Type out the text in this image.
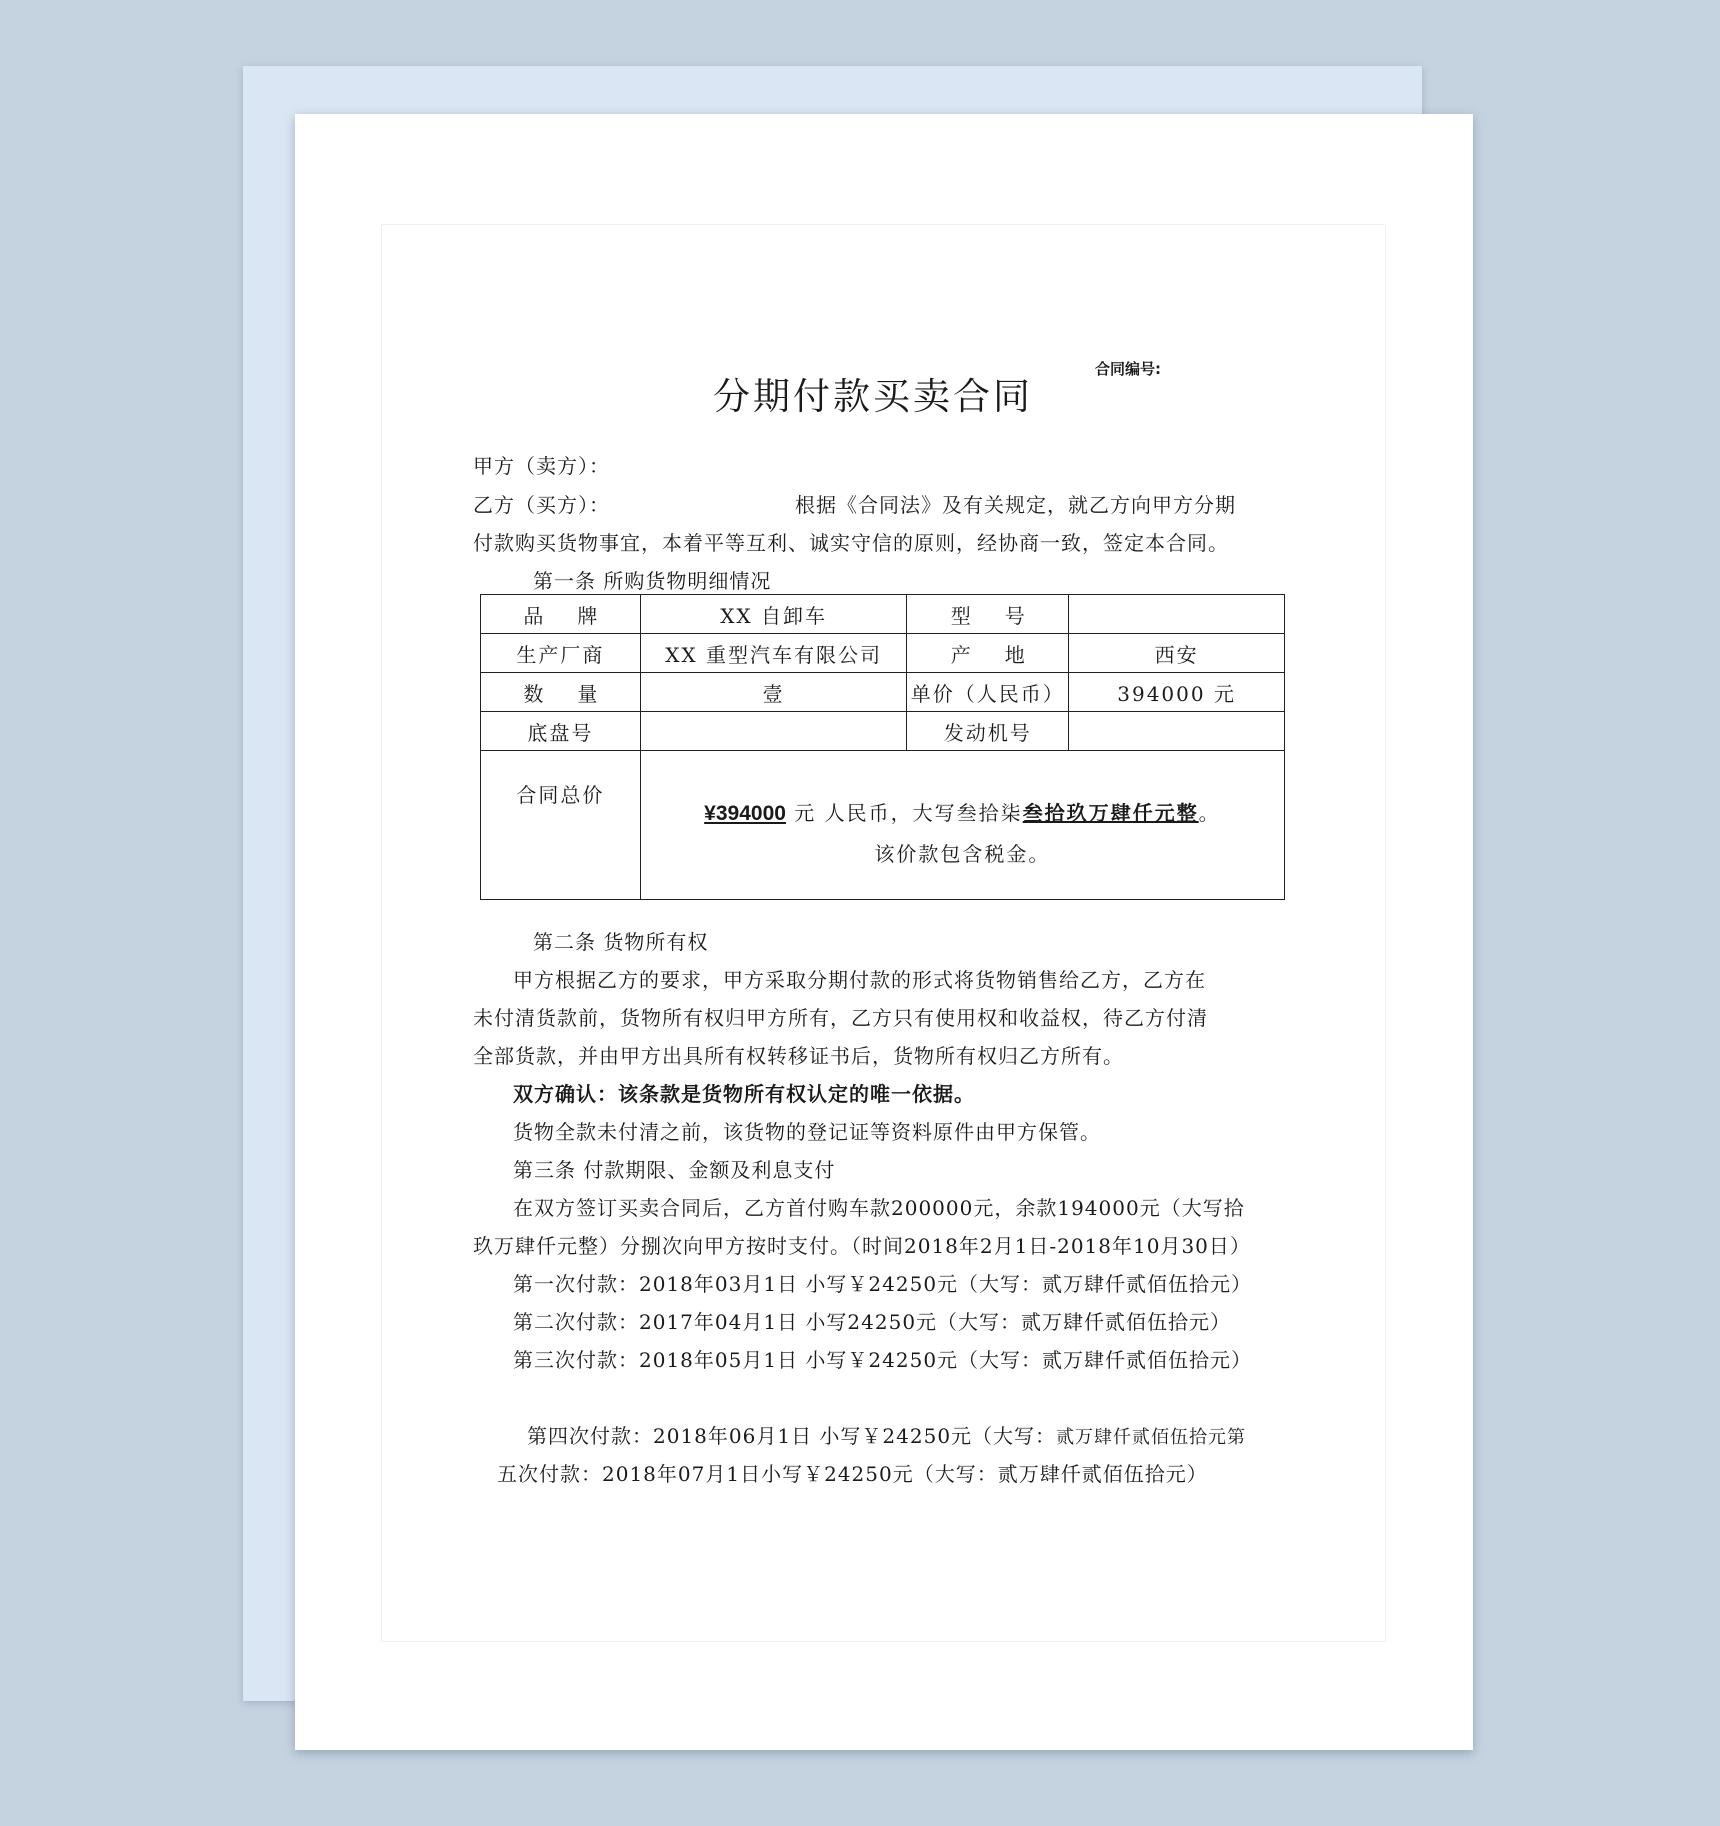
分期付款买卖合同
合同编号:
甲方（卖方）：
乙方（买方）：	根据《合同法》及有关规定，就乙方向甲方分期
付款购买货物事宜，本着平等互利、诚实守信的原则，经协商一致，签定本合同。
第一条 所购货物明细情况
品牌	XX 自卸车	型号	
生产厂商	XX 重型汽车有限公司	产地	西安
数量	壹	单价（人民币）	394000 元
底盘号		发动机号	
合同总价	¥394000 元 人民币，大写叁拾柒叁拾玖万肆仟元整。
该价款包含税金。		
第二条 货物所有权
甲方根据乙方的要求，甲方采取分期付款的形式将货物销售给乙方，乙方在
未付清货款前，货物所有权归甲方所有，乙方只有使用权和收益权，待乙方付清
全部货款，并由甲方出具所有权转移证书后，货物所有权归乙方所有。
双方确认：该条款是货物所有权认定的唯一依据。
货物全款未付清之前，该货物的登记证等资料原件由甲方保管。
第三条 付款期限、金额及利息支付
在双方签订买卖合同后，乙方首付购车款200000元，余款194000元（大写拾
玖万肆仟元整）分捌次向甲方按时支付。（时间2018年2月1日-2018年10月30日）
第一次付款：2018年03月1日 小写￥24250元（大写：贰万肆仟贰佰伍拾元）
第二次付款：2017年04月1日 小写24250元（大写：贰万肆仟贰佰伍拾元）
第三次付款：2018年05月1日 小写￥24250元（大写：贰万肆仟贰佰伍拾元）
第四次付款：2018年06月1日 小写￥24250元（大写：贰万肆仟贰佰伍拾元第
五次付款：2018年07月1日小写￥24250元（大写：贰万肆仟贰佰伍拾元）
